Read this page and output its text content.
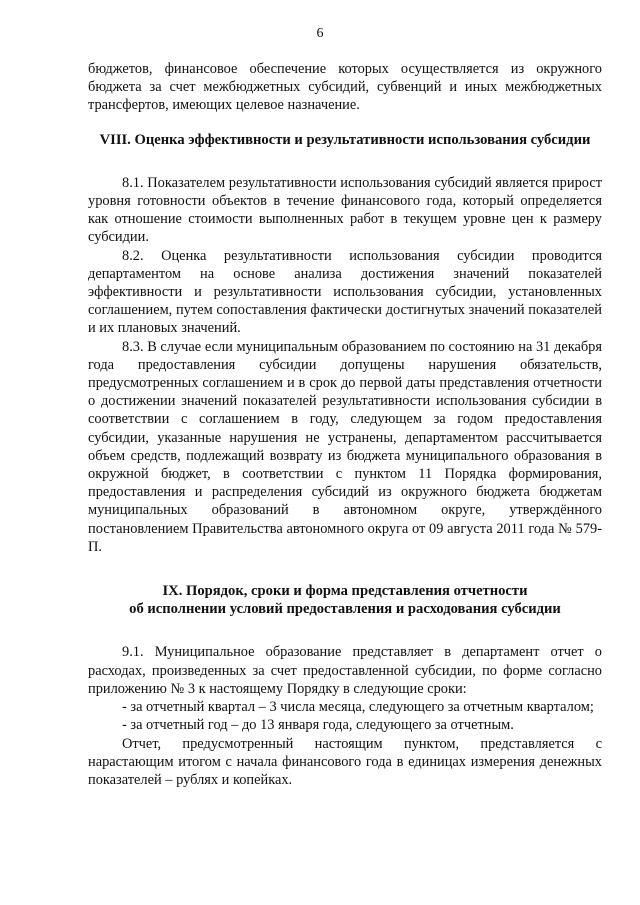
6

бюджетов, финансовое обеспечение которых осуществляется из окружного бюджета за счет межбюджетных субсидий, субвенций и иных межбюджетных трансфертов, имеющих целевое назначение.

VIII. Оценка эффективности и результативности использования субсидии

8.1. Показателем результативности использования субсидий является прирост уровня готовности объектов в течение финансового года, который определяется как отношение стоимости выполненных работ в текущем уровне цен к размеру субсидии.

8.2. Оценка результативности использования субсидии проводится департаментом на основе анализа достижения значений показателей эффективности и результативности использования субсидии, установленных соглашением, путем сопоставления фактически достигнутых значений показателей и их плановых значений.

8.3. В случае если муниципальным образованием по состоянию на 31 декабря года предоставления субсидии допущены нарушения обязательств, предусмотренных соглашением и в срок до первой даты представления отчетности о достижении значений показателей результативности использования субсидии в соответствии с соглашением в году, следующем за годом предоставления субсидии, указанные нарушения не устранены, департаментом рассчитывается объем средств, подлежащий возврату из бюджета муниципального образования в окружной бюджет, в соответствии с пунктом 11 Порядка формирования, предоставления и распределения субсидий из окружного бюджета бюджетам муниципальных образований в автономном округе, утверждённого постановлением Правительства автономного округа от 09 августа 2011 года № 579-П.

IX. Порядок, сроки и форма представления отчетности
об исполнении условий предоставления и расходования субсидии

9.1. Муниципальное образование представляет в департамент отчет о расходах, произведенных за счет предоставленной субсидии, по форме согласно приложению № 3 к настоящему Порядку в следующие сроки:

- за отчетный квартал – 3 числа месяца, следующего за отчетным кварталом;

- за отчетный год – до 13 января года, следующего за отчетным.

Отчет, предусмотренный настоящим пунктом, представляется с нарастающим итогом с начала финансового года в единицах измерения денежных показателей – рублях и копейках.
